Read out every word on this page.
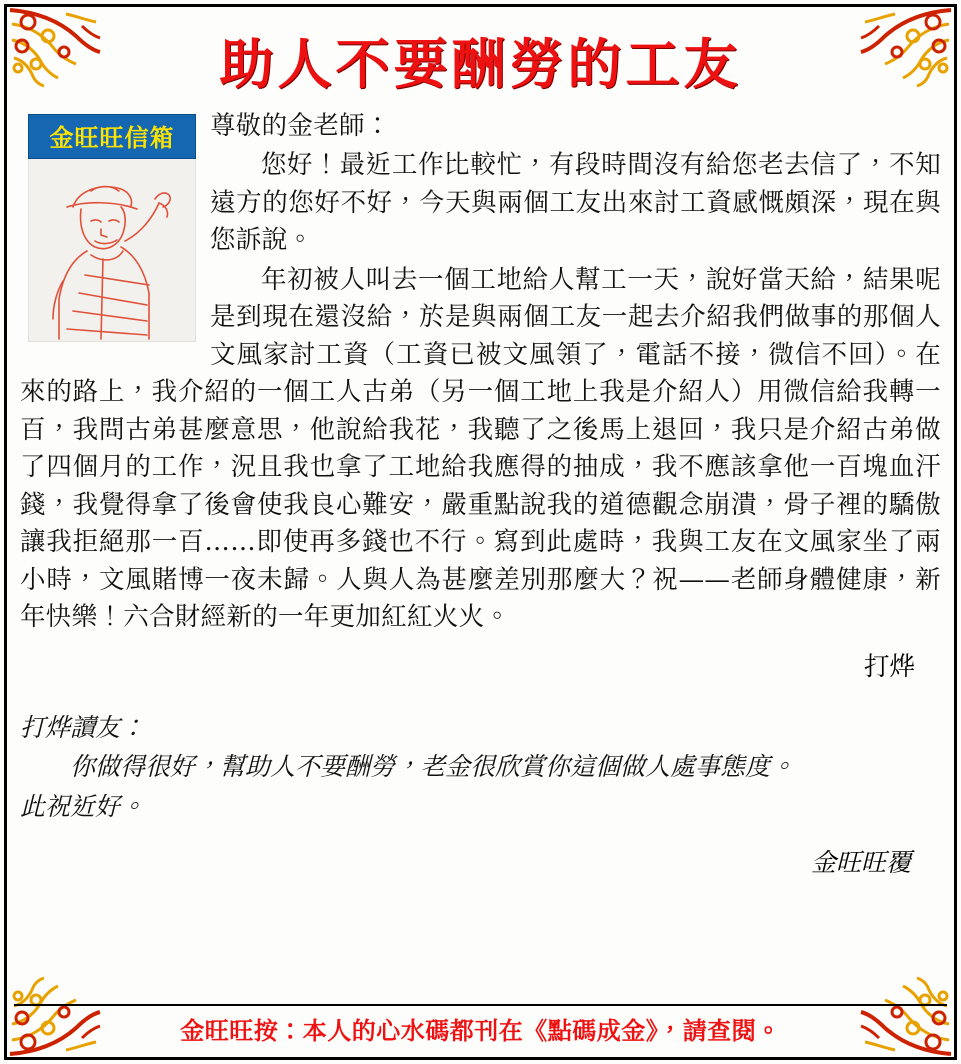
助人不要酬勞的工友
金旺旺信箱	尊敬的金老師：

您好！最近工作比較忙，有段時間沒有給您老去信了，不知遠方的您好不好，今天與兩個工友出來討工資感慨頗深，現在與您訴說。

年初被人叫去一個工地給人幫工一天，說好當天給，結果呢是到現在還沒給，於是與兩個工友一起去介紹我們做事的那個人文風家討工資（工資已被文風領了，電話不接，微信不回）。在來的路上，我介紹的一個工人古弟（另一個工地上我是介紹人）用微信給我轉一百，我問古弟甚麼意思，他說給我花，我聽了之後馬上退回，我只是介紹古弟做了四個月的工作，況且我也拿了工地給我應得的抽成，我不應該拿他一百塊血汗錢，我覺得拿了後會使我良心難安，嚴重點說我的道德觀念崩潰，骨子裡的驕傲讓我拒絕那一百……即使再多錢也不行。寫到此處時，我與工友在文風家坐了兩小時，文風賭博一夜未歸。人與人為甚麼差別那麼大？祝——老師身體健康，新年快樂！六合財經新的一年更加紅紅火火。

打烨

打烨讀友：

你做得很好，幫助人不要酬勞，老金很欣賞你這個做人處事態度。

此祝近好。

金旺旺覆
金旺旺按：本人的心水碼都刊在《點碼成金》，請查閱。
